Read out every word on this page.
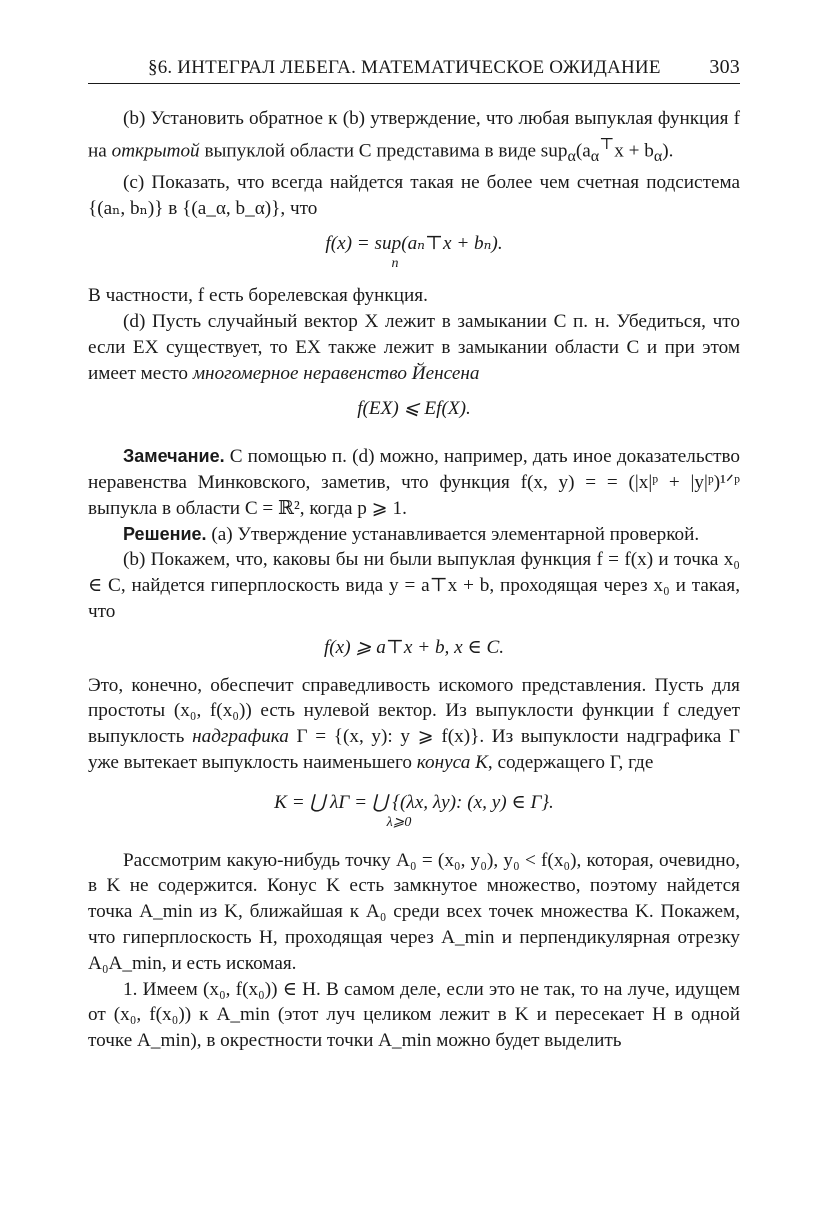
§6. ИНТЕГРАЛ ЛЕБЕГА. МАТЕМАТИЧЕСКОЕ ОЖИДАНИЕ 303

(b) Установить обратное к (b) утверждение, что любая выпуклая функция f на открытой выпуклой области C представима в виде $sup_\alpha(a_\alpha^⊤x + b_\alpha)$.

(c) Показать, что всегда найдется такая не более чем счетная подсистема {(aₙ, bₙ)} в {(a_α, b_α)}, что

f(x) = sup(aₙ⊤x + bₙ).
n

В частности, f есть борелевская функция.

(d) Пусть случайный вектор X лежит в замыкании C п. н. Убедиться, что если EX существует, то EX также лежит в замыкании области C и при этом имеет место многомерное неравенство Йенсена

f(EX) ⩽ Ef(X).

Замечание. С помощью п. (d) можно, например, дать иное доказательство неравенства Минковского, заметив, что функция f(x, y) = = (|x|ᵖ + |y|ᵖ)¹ᐟᵖ выпукла в области C = ℝ², когда p ⩾ 1.

Решение. (a) Утверждение устанавливается элементарной проверкой.

(b) Покажем, что, каковы бы ни были выпуклая функция f = f(x) и точка x₀ ∈ C, найдется гиперплоскость вида y = a⊤x + b, проходящая через x₀ и такая, что

f(x) ⩾ a⊤x + b, x ∈ C.

Это, конечно, обеспечит справедливость искомого представления. Пусть для простоты (x₀, f(x₀)) есть нулевой вектор. Из выпуклости функции f следует выпуклость надграфика Γ = {(x, y): y ⩾ f(x)}. Из выпуклости надграфика Γ уже вытекает выпуклость наименьшего конуса K, содержащего Γ, где

K = ⋃ λΓ = ⋃ {(λx, λy): (x, y) ∈ Γ}.
λ⩾0

Рассмотрим какую-нибудь точку A₀ = (x₀, y₀), y₀ < f(x₀), которая, очевидно, в K не содержится. Конус K есть замкнутое множество, поэтому найдется точка A_min из K, ближайшая к A₀ среди всех точек множества K. Покажем, что гиперплоскость H, проходящая через A_min и перпендикулярная отрезку A₀A_min, и есть искомая.

1. Имеем (x₀, f(x₀)) ∈ H. В самом деле, если это не так, то на луче, идущем от (x₀, f(x₀)) к A_min (этот луч целиком лежит в K и пересекает H в одной точке A_min), в окрестности точки A_min можно будет выделить
